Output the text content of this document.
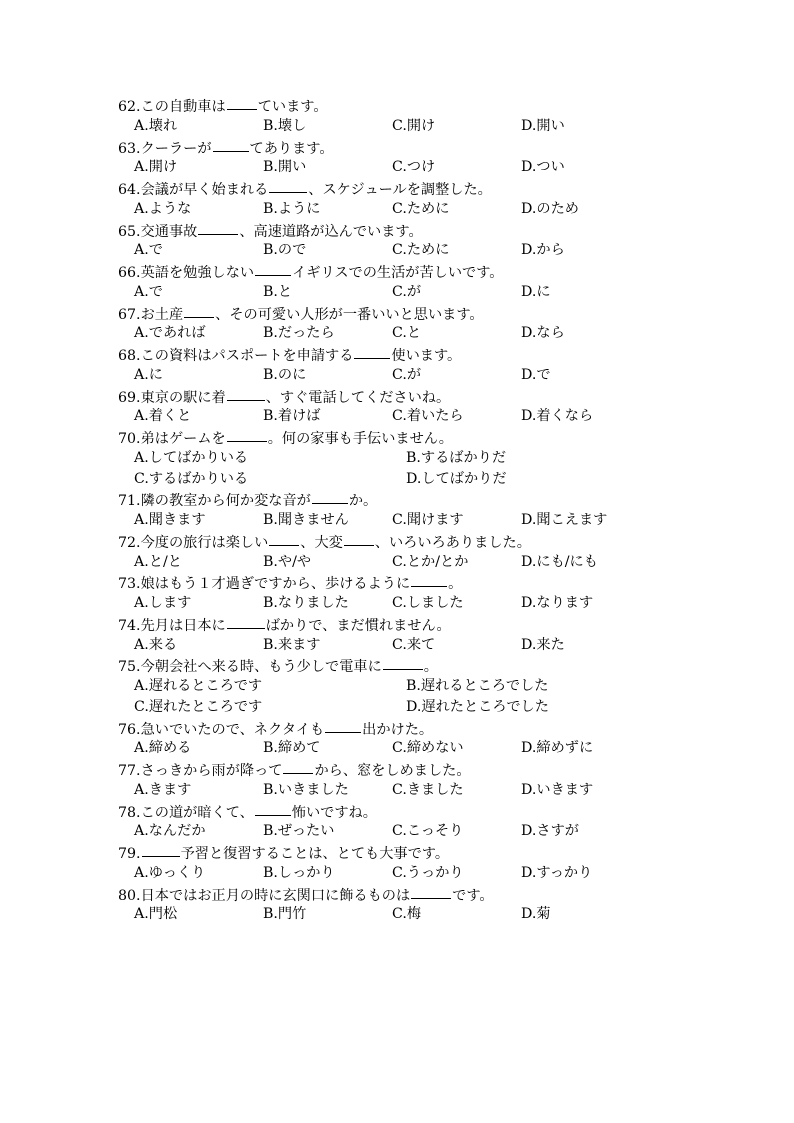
62.この自動車は ています。
A.壊れ	B.壊し	C.開け	D.開い
63.クーラーが	てあります。
A.開け	B.開い	C.つけ	D.つい
64.会議が早く始まれる	、スケジュールを調整した。
A.ような	B.ように	C.ために	D.のため
65.交通事故	、高速道路が込んでいます。
A.で	B.ので	C.ために	D.から
66.英語を勉強しない	イギリスでの生活が苦しいです。
A.で	B.と	C.が	D.に
67.お土産 、その可愛い人形が一番いいと思います。
A.であれば	B.だったら	C.と	D.なら
68.この資料はパスポートを申請する	使います。
A.に	B.のに	C.が	D.で
69.東京の駅に着	、すぐ電話してくださいね。
A.着くと	B.着けば	C.着いたら	D.着くなら
70.弟はゲームを	。何の家事も手伝いません。
A.してばかりいる	B.するばかりだ
C.するばかりいる	D.してばかりだ
71.隣の教室から何か変な音が	か。
A.聞きます	B.聞きません	C.聞けます	D.聞こえます
72.今度の旅行は楽しい 、大変 、いろいろありました。
A.と/と	B.や/や	C.とか/とか	D.にも/にも
73.娘はもう１才過ぎですから、歩けるように	。
A.します	B.なりました	C.しました	D.なります
74.先月は日本に	ばかりで、まだ慣れません。
A.来る	B.来ます	C.来て	D.来た
75.今朝会社へ来る時、もう少しで電車に	。
A.遅れるところです	B.遅れるところでした
C.遅れたところです	D.遅れたところでした
76.急いでいたので、ネクタイも	出かけた。
A.締める	B.締めて	C.締めない	D.締めずに
77.さっきから雨が降って から、窓をしめました。
A.きます	B.いきました	C.きました	D.いきます
78.この道が暗くて、	怖いですね。
A.なんだか	B.ぜったい	C.こっそり	D.さすが
79.	予習と復習することは、とても大事です。
A.ゆっくり	B.しっかり	C.うっかり	D.すっかり
80.日本ではお正月の時に玄関口に飾るものは	です。
A.門松	B.門竹	C.梅	D.菊
